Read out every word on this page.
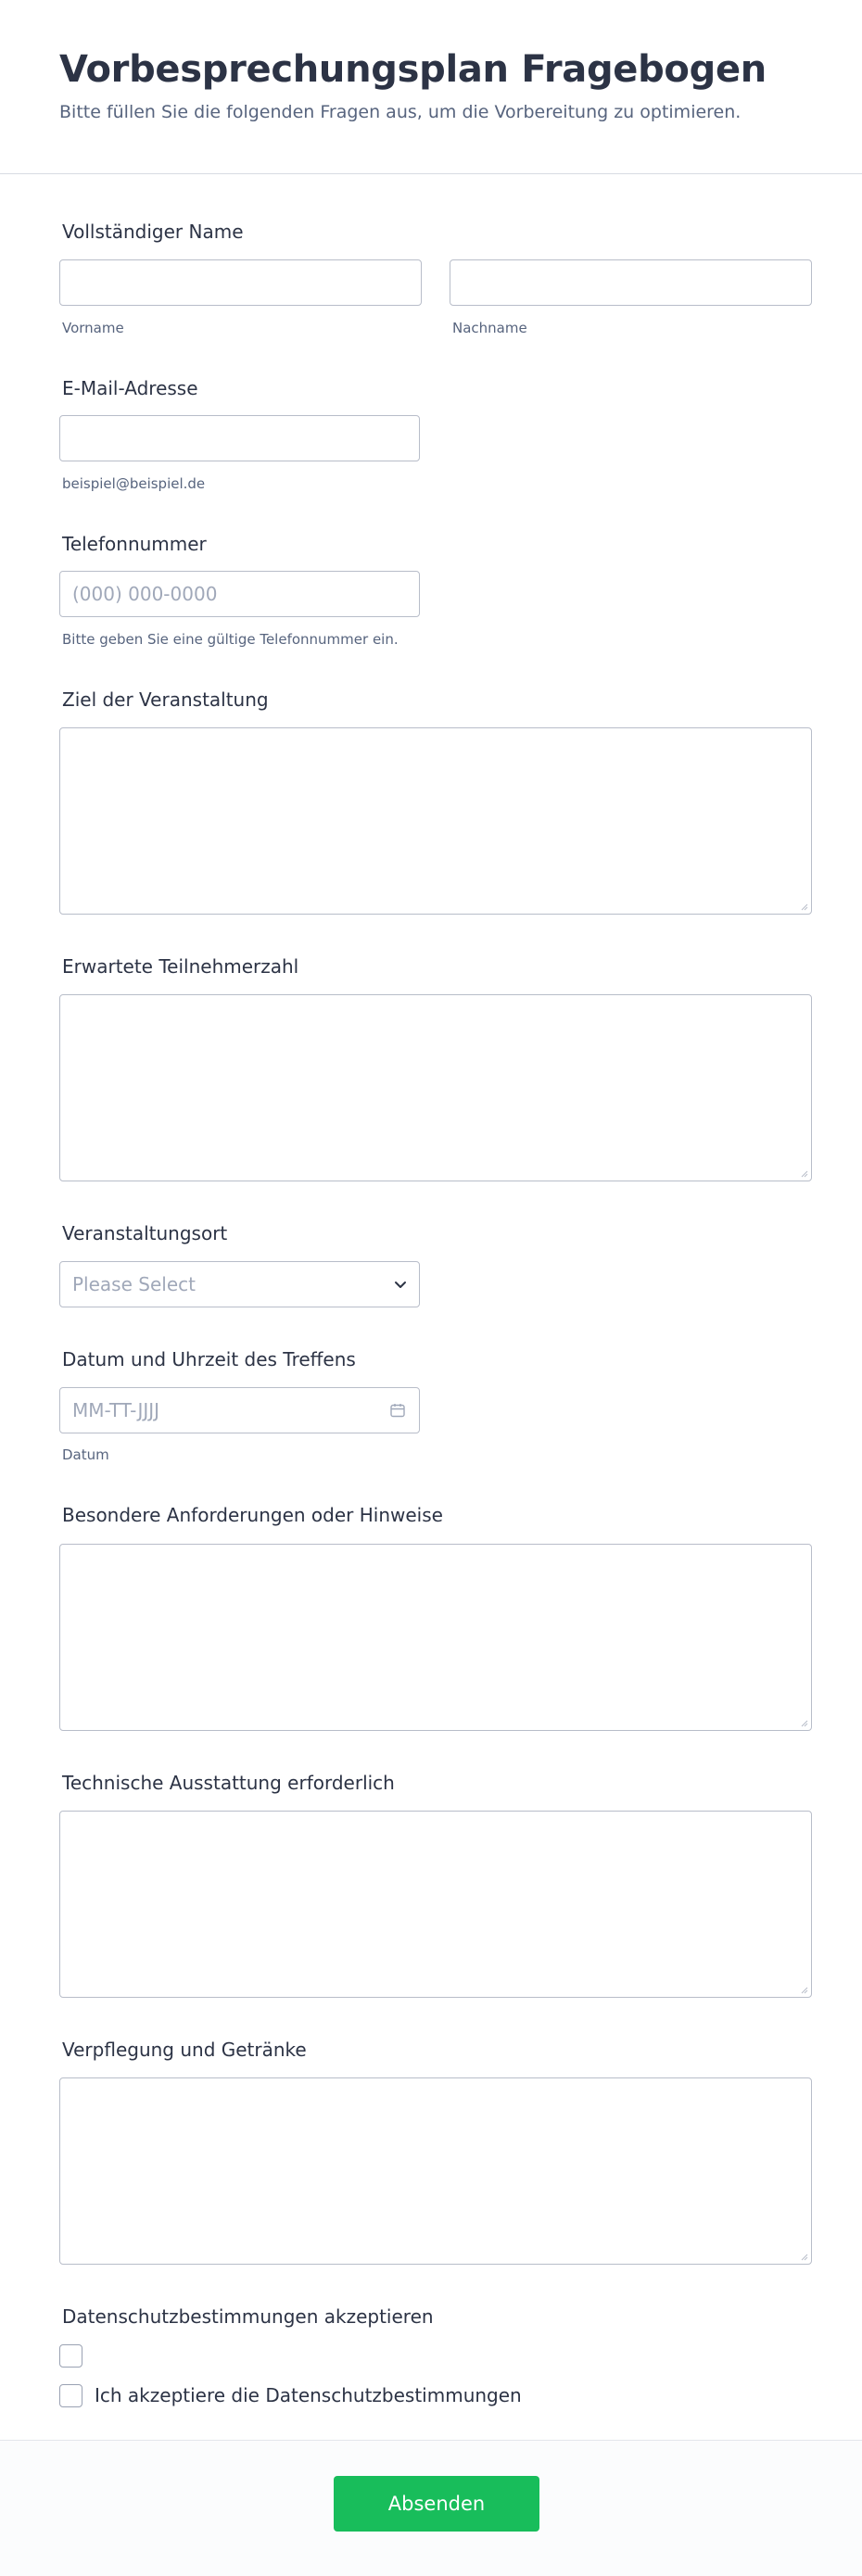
Vorbesprechungsplan Fragebogen
Bitte füllen Sie die folgenden Fragen aus, um die Vorbereitung zu optimieren.
Vollständiger Name
Vorname	Nachname
E-Mail-Adresse
beispiel@beispiel.de
Telefonnummer
(000) 000-0000
Bitte geben Sie eine gültige Telefonnummer ein.
Ziel der Veranstaltung
Erwartete Teilnehmerzahl
Veranstaltungsort
Please Select
Datum und Uhrzeit des Treffens
MM-TT-JJJJ
Datum
Besondere Anforderungen oder Hinweise
Technische Ausstattung erforderlich
Verpflegung und Getränke
Datenschutzbestimmungen akzeptieren
Ich akzeptiere die Datenschutzbestimmungen
Absenden
